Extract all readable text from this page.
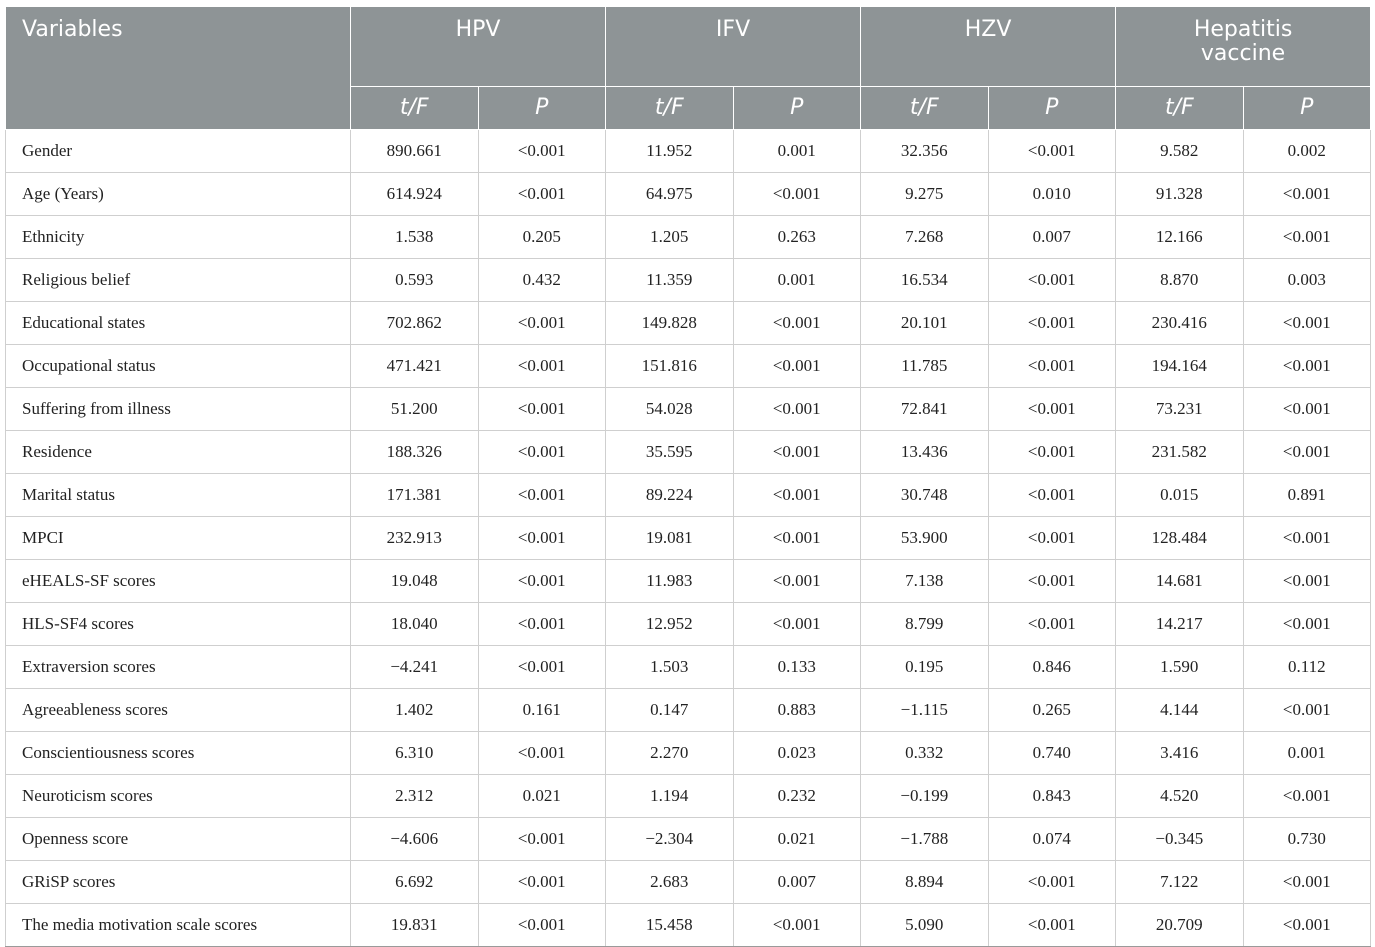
Variables	HPV		IFV		HZV		Hepatitis vaccine	
	t/F	P	t/F	P	t/F	P	t/F	P
Gender	890.661	<0.001	11.952	0.001	32.356	<0.001	9.582	0.002
Age (Years)	614.924	<0.001	64.975	<0.001	9.275	0.010	91.328	<0.001
Ethnicity	1.538	0.205	1.205	0.263	7.268	0.007	12.166	<0.001
Religious belief	0.593	0.432	11.359	0.001	16.534	<0.001	8.870	0.003
Educational states	702.862	<0.001	149.828	<0.001	20.101	<0.001	230.416	<0.001
Occupational status	471.421	<0.001	151.816	<0.001	11.785	<0.001	194.164	<0.001
Suffering from illness	51.200	<0.001	54.028	<0.001	72.841	<0.001	73.231	<0.001
Residence	188.326	<0.001	35.595	<0.001	13.436	<0.001	231.582	<0.001
Marital status	171.381	<0.001	89.224	<0.001	30.748	<0.001	0.015	0.891
MPCI	232.913	<0.001	19.081	<0.001	53.900	<0.001	128.484	<0.001
eHEALS-SF scores	19.048	<0.001	11.983	<0.001	7.138	<0.001	14.681	<0.001
HLS-SF4 scores	18.040	<0.001	12.952	<0.001	8.799	<0.001	14.217	<0.001
Extraversion scores	−4.241	<0.001	1.503	0.133	0.195	0.846	1.590	0.112
Agreeableness scores	1.402	0.161	0.147	0.883	−1.115	0.265	4.144	<0.001
Conscientiousness scores	6.310	<0.001	2.270	0.023	0.332	0.740	3.416	0.001
Neuroticism scores	2.312	0.021	1.194	0.232	−0.199	0.843	4.520	<0.001
Openness score	−4.606	<0.001	−2.304	0.021	−1.788	0.074	−0.345	0.730
GRiSP scores	6.692	<0.001	2.683	0.007	8.894	<0.001	7.122	<0.001
The media motivation scale scores	19.831	<0.001	15.458	<0.001	5.090	<0.001	20.709	<0.001
